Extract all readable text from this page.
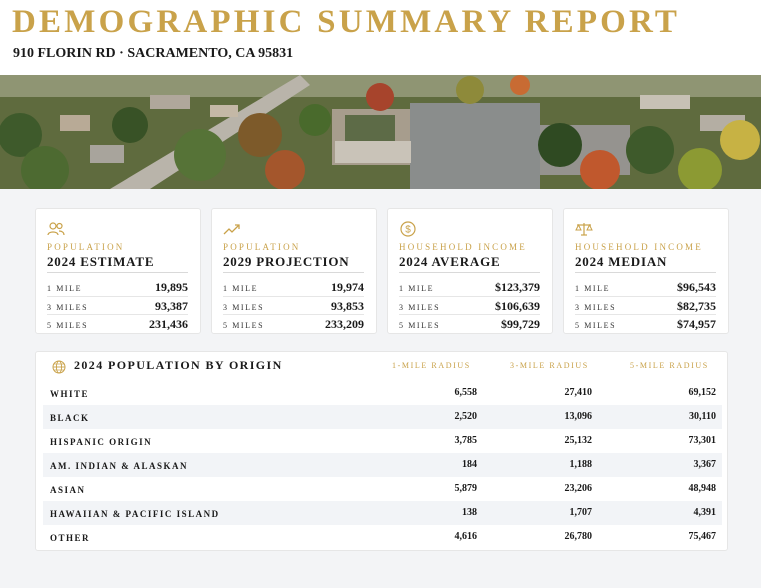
DEMOGRAPHIC SUMMARY REPORT
910 FLORIN RD · SACRAMENTO, CA 95831
POPULATION
2024 ESTIMATE
1 MILE	19,895
3 MILES	93,387
5 MILES	231,436
POPULATION
2029 PROJECTION
1 MILE	19,974
3 MILES	93,853
5 MILES	233,209
$
HOUSEHOLD INCOME
2024 AVERAGE
1 MILE	$123,379
3 MILES	$106,639
5 MILES	$99,729
HOUSEHOLD INCOME
2024 MEDIAN
1 MILE	$96,543
3 MILES	$82,735
5 MILES	$74,957
2024 POPULATION BY ORIGIN	1-MILE RADIUS	3-MILE RADIUS	5-MILE RADIUS
WHITE	6,558	27,410	69,152
BLACK	2,520	13,096	30,110
HISPANIC ORIGIN	3,785	25,132	73,301
AM. INDIAN & ALASKAN	184	1,188	3,367
ASIAN	5,879	23,206	48,948
HAWAIIAN & PACIFIC ISLAND	138	1,707	4,391
OTHER	4,616	26,780	75,467
